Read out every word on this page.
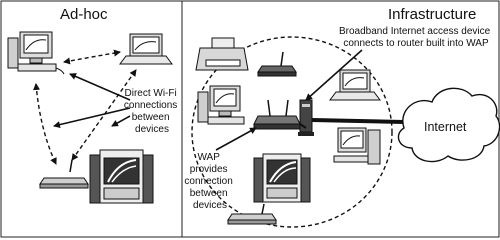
Ad-hoc	Infrastructure
Direct Wi-Fi connections between devices	Internet
Broadband Internet access device connects to router built into WAP
WAP provides connection between devices
